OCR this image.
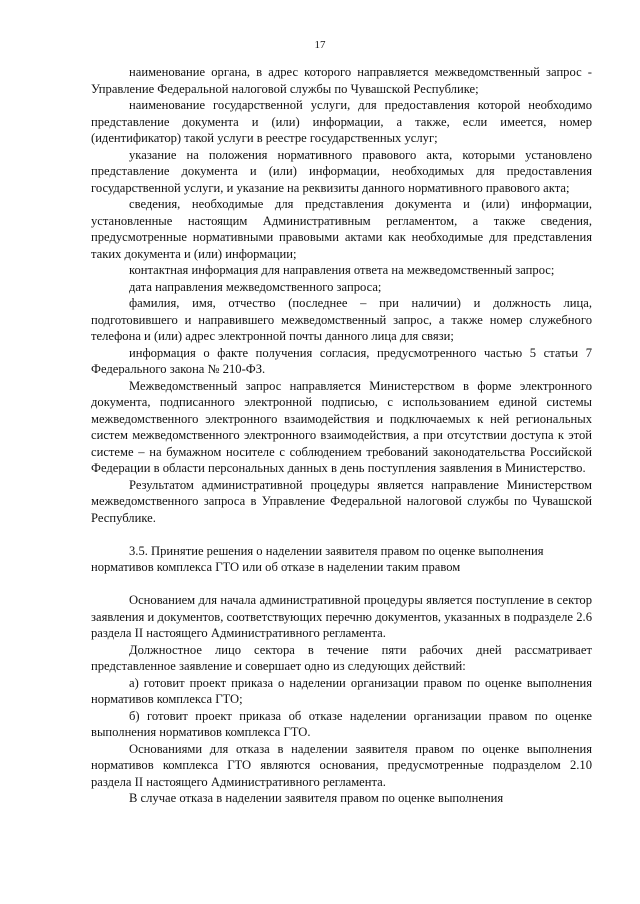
17

наименование органа, в адрес которого направляется межведомственный запрос - Управление Федеральной налоговой службы по Чувашской Республике;

наименование государственной услуги, для предоставления которой необходимо представление документа и (или) информации, а также, если имеется, номер (идентификатор) такой услуги в реестре государственных услуг;

указание на положения нормативного правового акта, которыми установлено представление документа и (или) информации, необходимых для предоставления государственной услуги, и указание на реквизиты данного нормативного правового акта;

сведения, необходимые для представления документа и (или) информации, установленные настоящим Административным регламентом, а также сведения, предусмотренные нормативными правовыми актами как необходимые для представления таких документа и (или) информации;

контактная информация для направления ответа на межведомственный запрос;

дата направления межведомственного запроса;

фамилия, имя, отчество (последнее – при наличии) и должность лица, подготовившего и направившего межведомственный запрос, а также номер служебного телефона и (или) адрес электронной почты данного лица для связи;

информация о факте получения согласия, предусмотренного частью 5 статьи 7 Федерального закона № 210-ФЗ.

Межведомственный запрос направляется Министерством в форме электронного документа, подписанного электронной подписью, с использованием единой системы межведомственного электронного взаимодействия и подключаемых к ней региональных систем межведомственного электронного взаимодействия, а при отсутствии доступа к этой системе – на бумажном носителе с соблюдением требований законодательства Российской Федерации в области персональных данных в день поступления заявления в Министерство.

Результатом административной процедуры является направление Министерством межведомственного запроса в Управление Федеральной налоговой службы по Чувашской Республике.

3.5. Принятие решения о наделении заявителя правом по оценке выполнения нормативов комплекса ГТО или об отказе в наделении таким правом

Основанием для начала административной процедуры является поступление в сектор заявления и документов, соответствующих перечню документов, указанных в подразделе 2.6 раздела II настоящего Административного регламента.

Должностное лицо сектора в течение пяти рабочих дней рассматривает представленное заявление и совершает одно из следующих действий:

а) готовит проект приказа о наделении организации правом по оценке выполнения нормативов комплекса ГТО;

б) готовит проект приказа об отказе наделении организации правом по оценке выполнения нормативов комплекса ГТО.

Основаниями для отказа в наделении заявителя правом по оценке выполнения нормативов комплекса ГТО являются основания, предусмотренные подразделом 2.10 раздела II настоящего Административного регламента.

В случае отказа в наделении заявителя правом по оценке выполнения
